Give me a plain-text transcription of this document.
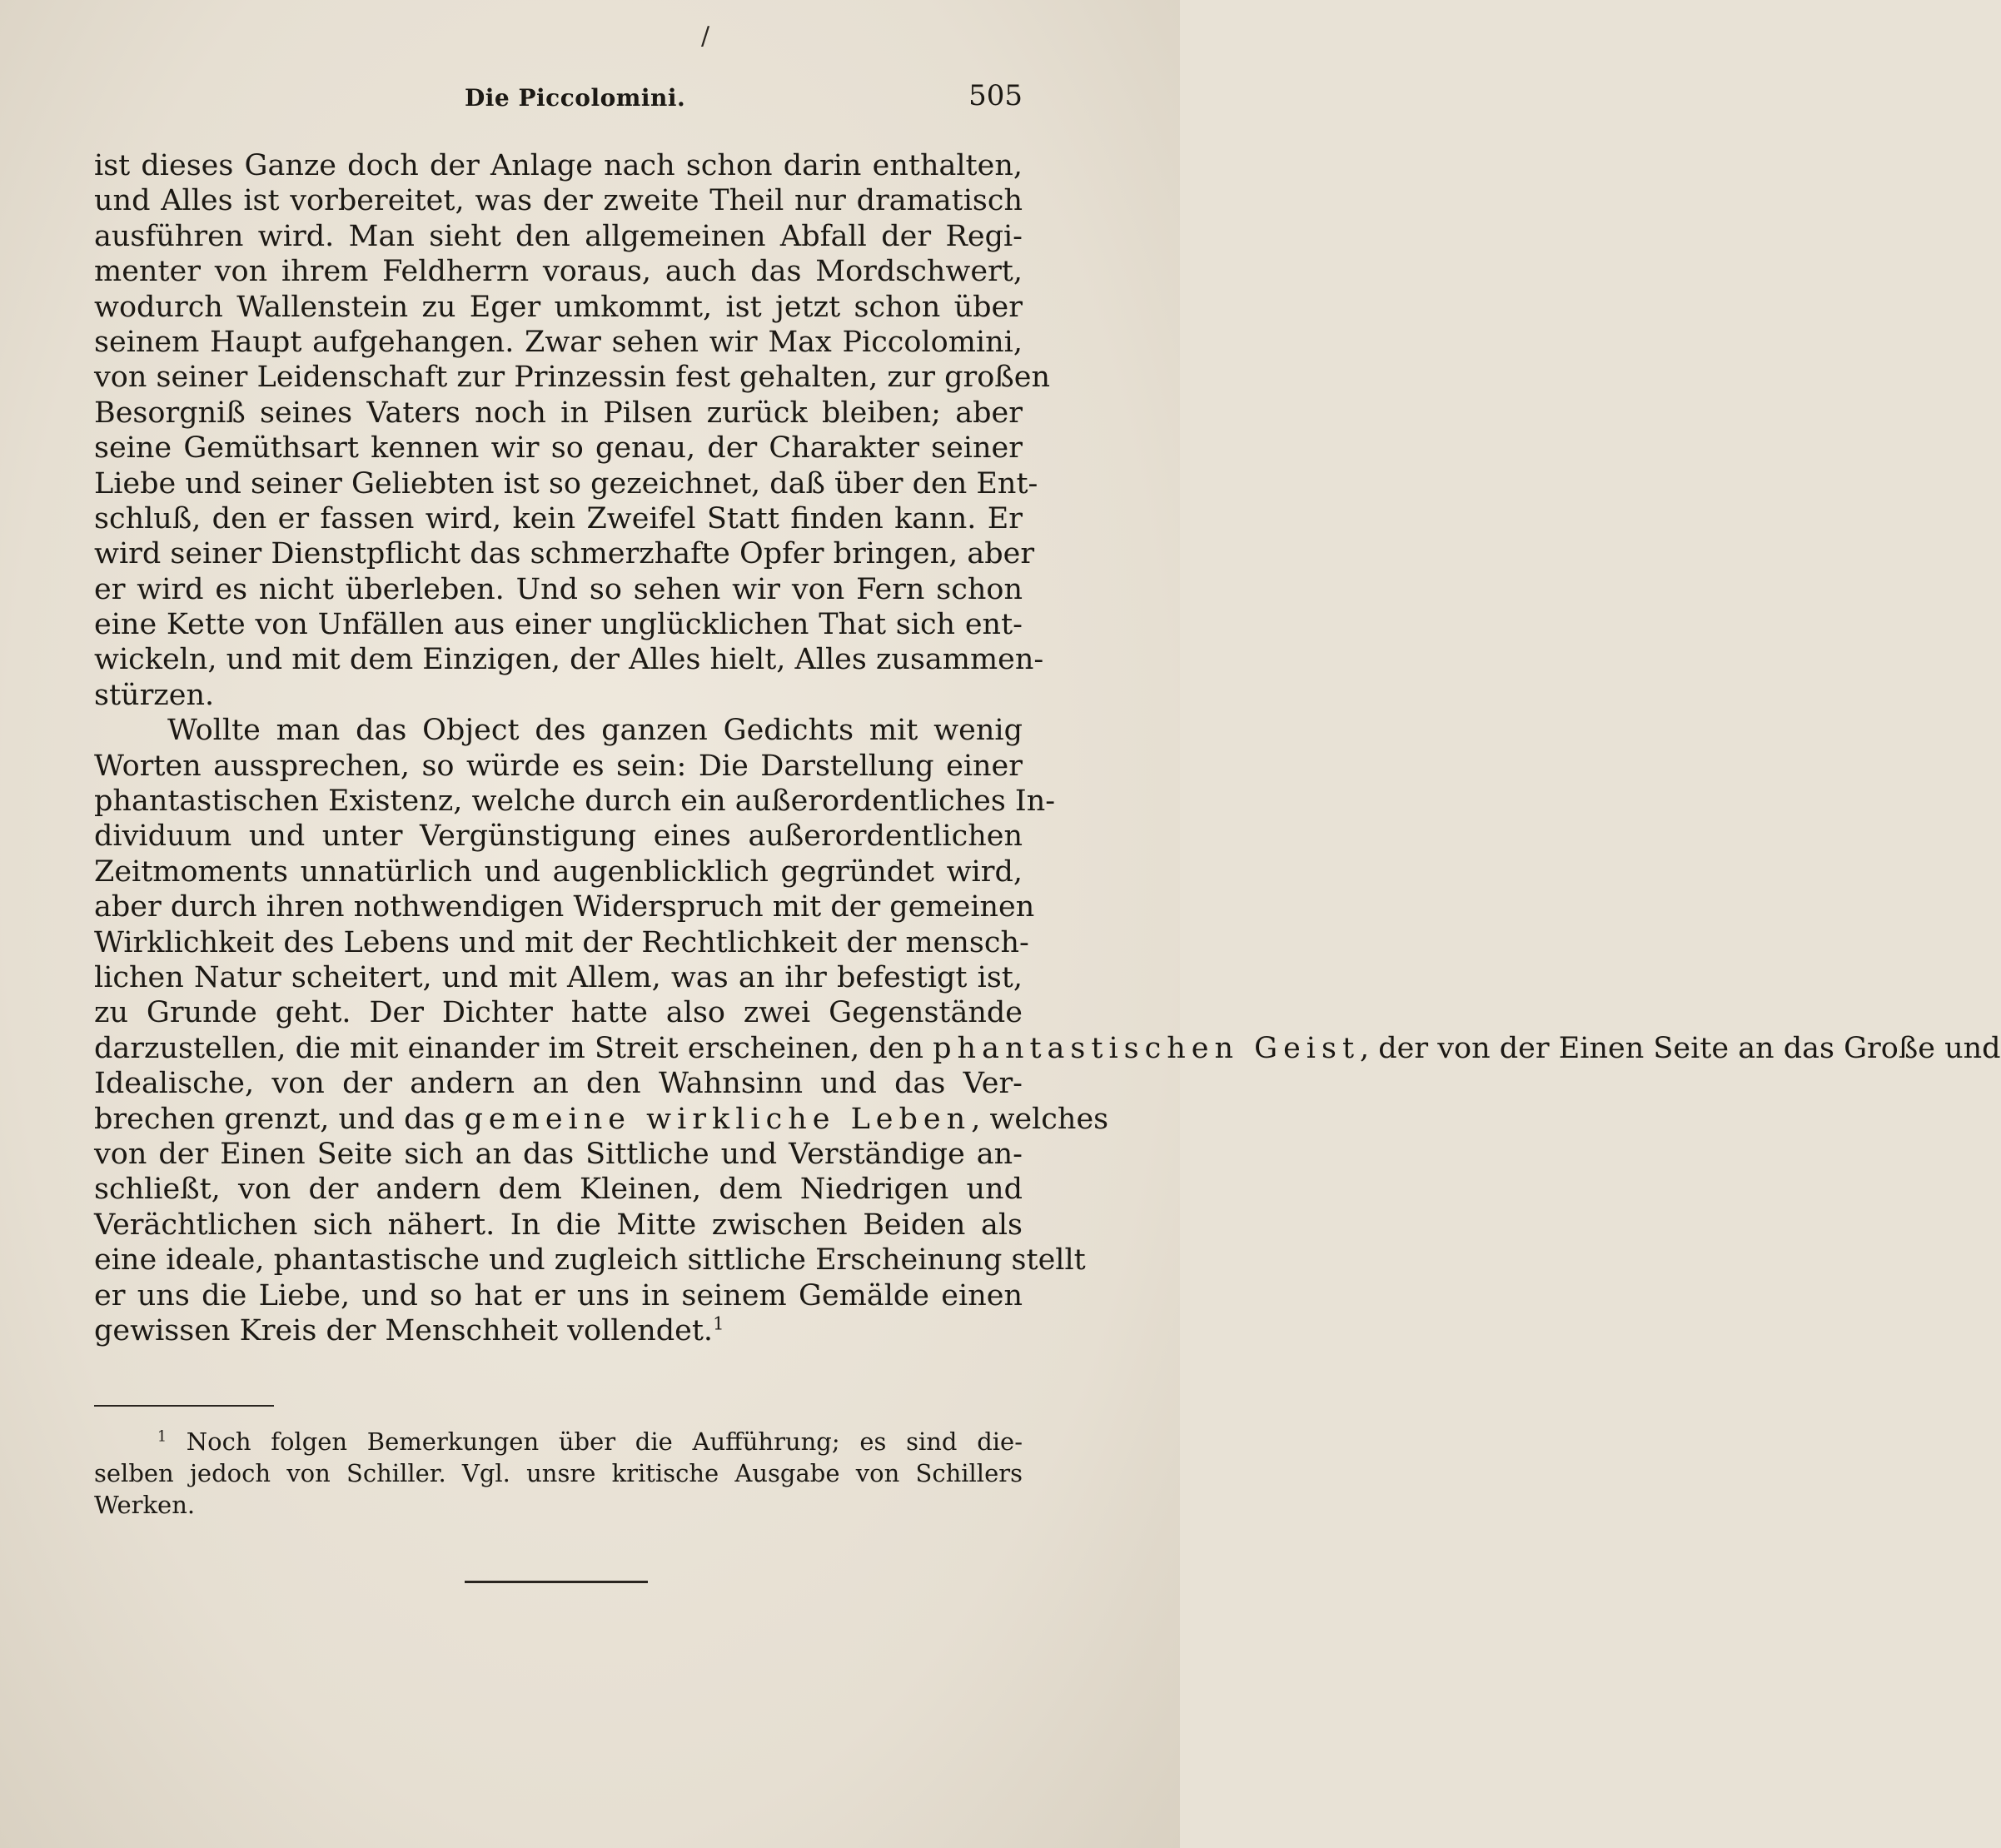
/
Die Piccolomini.	505
ist dieses Ganze doch der Anlage nach schon darin enthalten,
und Alles ist vorbereitet, was der zweite Theil nur dramatisch
ausführen wird. Man sieht den allgemeinen Abfall der Regi-
menter von ihrem Feldherrn voraus, auch das Mordschwert,
wodurch Wallenstein zu Eger umkommt, ist jetzt schon über
seinem Haupt aufgehangen. Zwar sehen wir Max Piccolomini,
von seiner Leidenschaft zur Prinzessin fest gehalten, zur großen
Besorgniß seines Vaters noch in Pilsen zurück bleiben; aber
seine Gemüthsart kennen wir so genau, der Charakter seiner
Liebe und seiner Geliebten ist so gezeichnet, daß über den Ent-
schluß, den er fassen wird, kein Zweifel Statt finden kann. Er
wird seiner Dienstpflicht das schmerzhafte Opfer bringen, aber
er wird es nicht überleben. Und so sehen wir von Fern schon
eine Kette von Unfällen aus einer unglücklichen That sich ent-
wickeln, und mit dem Einzigen, der Alles hielt, Alles zusammen-
stürzen.
Wollte man das Object des ganzen Gedichts mit wenig
Worten aussprechen, so würde es sein: Die Darstellung einer
phantastischen Existenz, welche durch ein außerordentliches In-
dividuum und unter Vergünstigung eines außerordentlichen
Zeitmoments unnatürlich und augenblicklich gegründet wird,
aber durch ihren nothwendigen Widerspruch mit der gemeinen
Wirklichkeit des Lebens und mit der Rechtlichkeit der mensch-
lichen Natur scheitert, und mit Allem, was an ihr befestigt ist,
zu Grunde geht. Der Dichter hatte also zwei Gegenstände
darzustellen, die mit einander im Streit erscheinen, den phantastischen Geist, der von der Einen Seite an das Große und
Idealische, von der andern an den Wahnsinn und das Ver-
brechen grenzt, und das gemeine wirkliche Leben, welches
von der Einen Seite sich an das Sittliche und Verständige an-
schließt, von der andern dem Kleinen, dem Niedrigen und
Verächtlichen sich nähert. In die Mitte zwischen Beiden als
eine ideale, phantastische und zugleich sittliche Erscheinung stellt
er uns die Liebe, und so hat er uns in seinem Gemälde einen
gewissen Kreis der Menschheit vollendet.$^1$
$^1$ Noch folgen Bemerkungen über die Aufführung; es sind die-
selben jedoch von Schiller. Vgl. unsre kritische Ausgabe von Schillers
Werken.
